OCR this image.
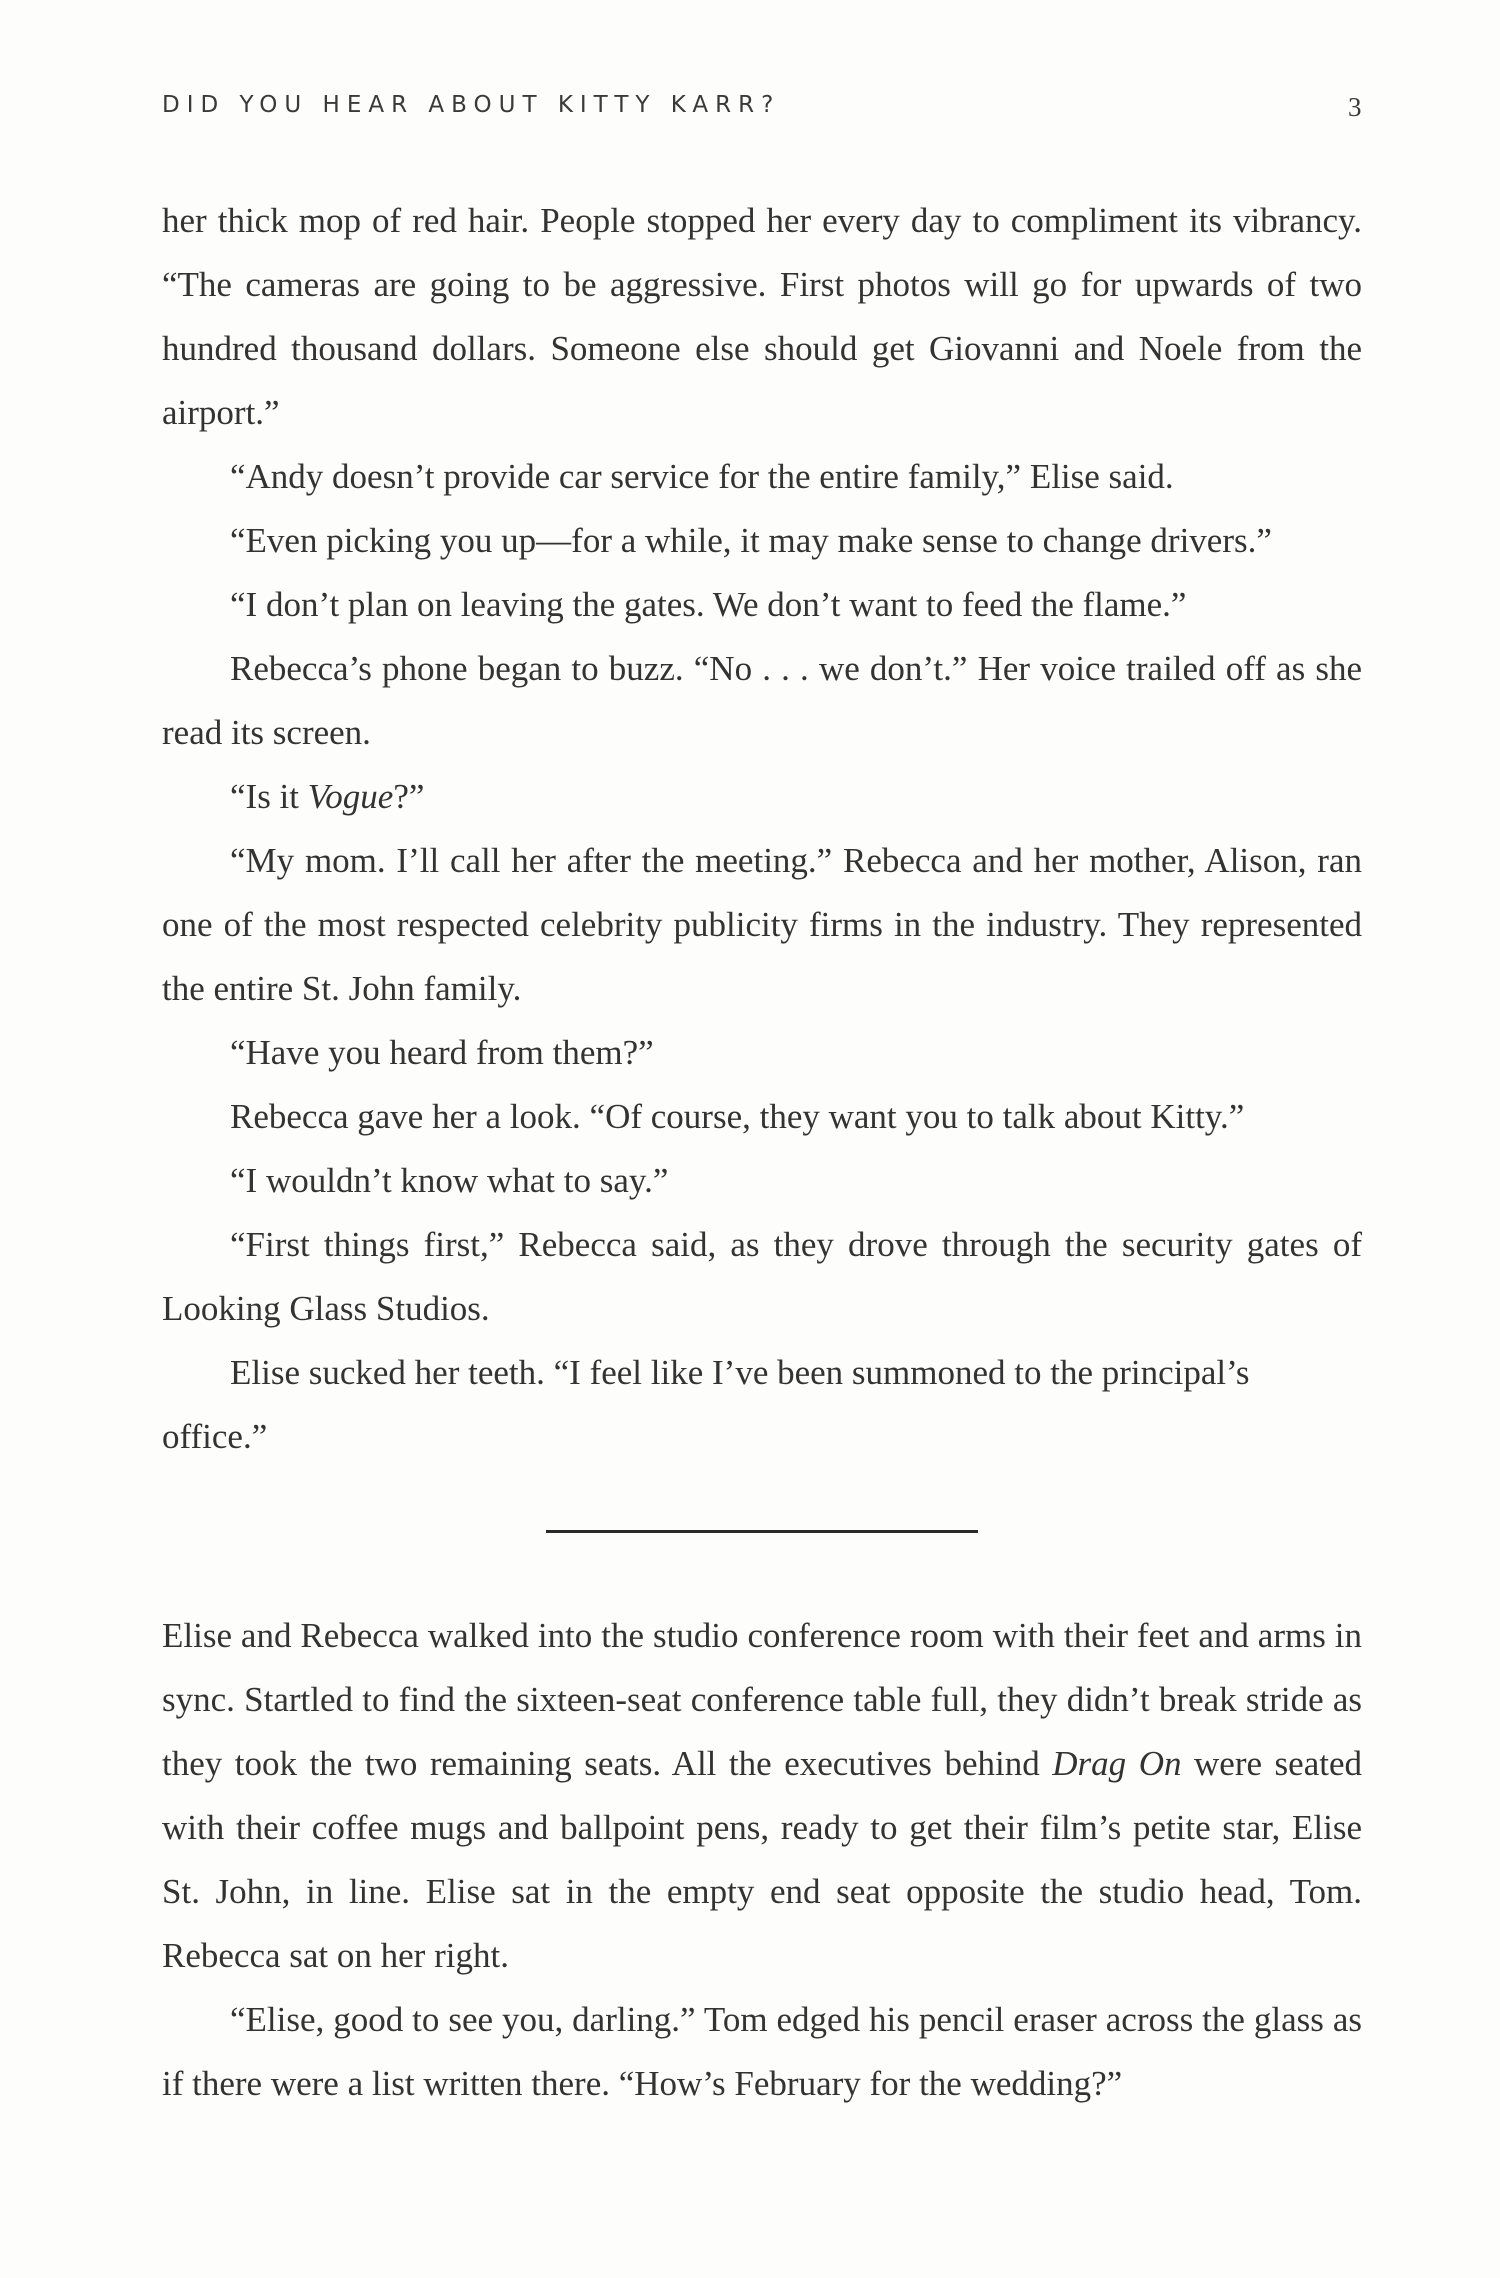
DID YOU HEAR ABOUT KITTY KARR?	3

her thick mop of red hair. People stopped her every day to compliment its vibrancy. “The cameras are going to be aggressive. First photos will go for upwards of two hundred thousand dollars. Someone else should get Giovanni and Noele from the airport.”

“Andy doesn’t provide car service for the entire family,” Elise said.

“Even picking you up—for a while, it may make sense to change drivers.”

“I don’t plan on leaving the gates. We don’t want to feed the flame.”

Rebecca’s phone began to buzz. “No . . . we don’t.” Her voice trailed off as she read its screen.

“Is it Vogue?”

“My mom. I’ll call her after the meeting.” Rebecca and her mother, Alison, ran one of the most respected celebrity publicity firms in the industry. They represented the entire St. John family.

“Have you heard from them?”

Rebecca gave her a look. “Of course, they want you to talk about Kitty.”

“I wouldn’t know what to say.”

“First things first,” Rebecca said, as they drove through the security gates of Looking Glass Studios.

Elise sucked her teeth. “I feel like I’ve been summoned to the principal’s office.”

Elise and Rebecca walked into the studio conference room with their feet and arms in sync. Startled to find the sixteen-seat conference table full, they didn’t break stride as they took the two remaining seats. All the executives behind Drag On were seated with their coffee mugs and ballpoint pens, ready to get their film’s petite star, Elise St. John, in line. Elise sat in the empty end seat opposite the studio head, Tom. Rebecca sat on her right.

“Elise, good to see you, darling.” Tom edged his pencil eraser across the glass as if there were a list written there. “How’s February for the wedding?”
